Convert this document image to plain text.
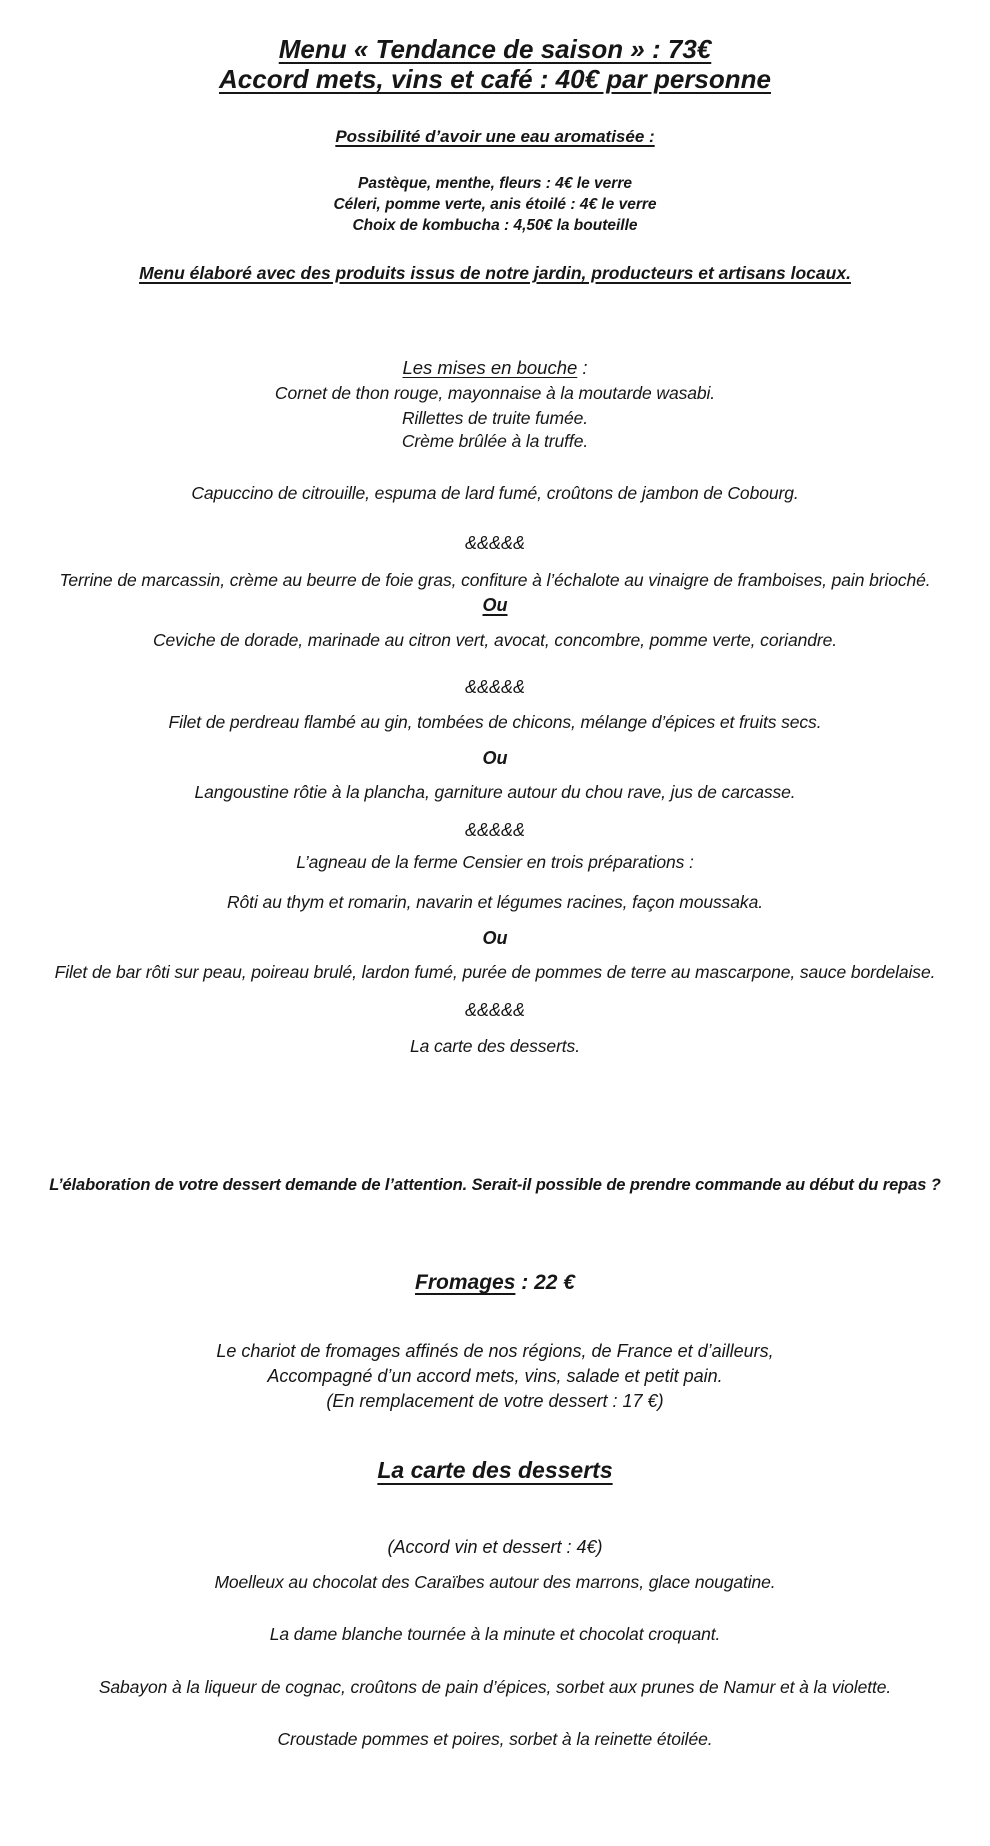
Menu « Tendance de saison » : 73€
Accord mets, vins et café : 40€ par personne
Possibilité d’avoir une eau aromatisée :
Pastèque, menthe, fleurs : 4€ le verre
Céleri, pomme verte, anis étoilé : 4€ le verre
Choix de kombucha : 4,50€ la bouteille
Menu élaboré avec des produits issus de notre jardin, producteurs et artisans locaux.
Les mises en bouche :
Cornet de thon rouge, mayonnaise à la moutarde wasabi.
Rillettes de truite fumée.
Crème brûlée à la truffe.
Capuccino de citrouille, espuma de lard fumé, croûtons de jambon de Cobourg.
&&&&&
Terrine de marcassin, crème au beurre de foie gras, confiture à l’échalote au vinaigre de framboises, pain brioché.
Ou
Ceviche de dorade, marinade au citron vert, avocat, concombre, pomme verte, coriandre.
&&&&&
Filet de perdreau flambé au gin, tombées de chicons, mélange d’épices et fruits secs.
Ou
Langoustine rôtie à la plancha, garniture autour du chou rave, jus de carcasse.
&&&&&
L’agneau de la ferme Censier en trois préparations :
Rôti au thym et romarin, navarin et légumes racines, façon moussaka.
Ou
Filet de bar rôti sur peau, poireau brulé, lardon fumé, purée de pommes de terre au mascarpone, sauce bordelaise.
&&&&&
La carte des desserts.
L’élaboration de votre dessert demande de l’attention. Serait-il possible de prendre commande au début du repas ?
Fromages : 22 €
Le chariot de fromages affinés de nos régions, de France et d’ailleurs,
Accompagné d’un accord mets, vins, salade et petit pain.
(En remplacement de votre dessert : 17 €)
La carte des desserts
(Accord vin et dessert : 4€)
Moelleux au chocolat des Caraïbes autour des marrons, glace nougatine.
La dame blanche tournée à la minute et chocolat croquant.
Sabayon à la liqueur de cognac, croûtons de pain d’épices, sorbet aux prunes de Namur et à la violette.
Croustade pommes et poires, sorbet à la reinette étoilée.
